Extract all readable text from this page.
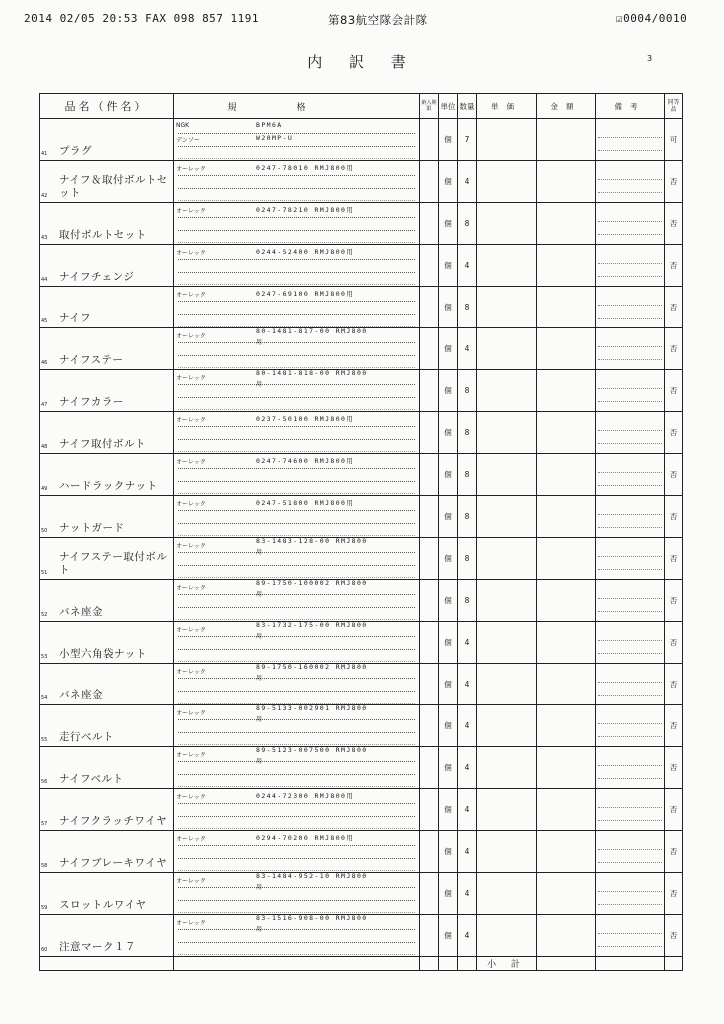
2014 02/05 20:53 FAX 098 857 1191	第83航空隊会計隊	☑0004/0010
内 訳 書	3
品名（件名）	規格	納入期限	単位	数量	単価	金額	備考	同等品

41 プラグ	NGK BPM6A
デンソー W20MP-U		個	7				可

42
ナイフ＆取付ボルトセット	オーレック 0247-78010 RMJ800用		個	4				否

43 取付ボルトセット	オーレック 0247-78210 RMJ800用		個	8				否

44 ナイフチェンジ	オーレック 0244-52400 RMJ800用		個	4				否

45 ナイフ	オーレック 0247-69100 RMJ800用		個	8				否

46 ナイフステー	オーレック
80-1481-817-00 RMJ800
用		個	4				否

47 ナイフカラー	オーレック
80-1481-818-00 RMJ800
用		個	8				否

48 ナイフ取付ボルト	オーレック 0237-50100 RMJ800用		個	8				否

49 ハードラックナット	オーレック 0247-74600 RMJ800用		個	8				否

50 ナットガード	オーレック 0247-51800 RMJ800用		個	8				否

51
ナイフステー取付ボルト	オーレック
83-1483-128-00 RMJ800
用		個	8				否

52 バネ座金	オーレック
89-1750-100002 RMJ800
用		個	8				否

53 小型六角袋ナット	オーレック
83-1732-175-00 RMJ800
用		個	4				否

54 バネ座金	オーレック
89-1750-160002 RMJ800
用		個	4				否

55 走行ベルト	オーレック
89-5133-002901 RMJ800
用		個	4				否

56 ナイフベルト	オーレック
89-5123-007500 RMJ800
用		個	4				否

57 ナイフクラッチワイヤ	オーレック 0244-72300 RMJ800用		個	4				否

58 ナイフブレーキワイヤ	オーレック 0294-70200 RMJ800用		個	4				否

59 スロットルワイヤ	オーレック
83-1484-952-10 RMJ800
用		個	4				否

60 注意マーク１７	オーレック
83-1516-908-00 RMJ800
用		個	4				否
					小 計			
